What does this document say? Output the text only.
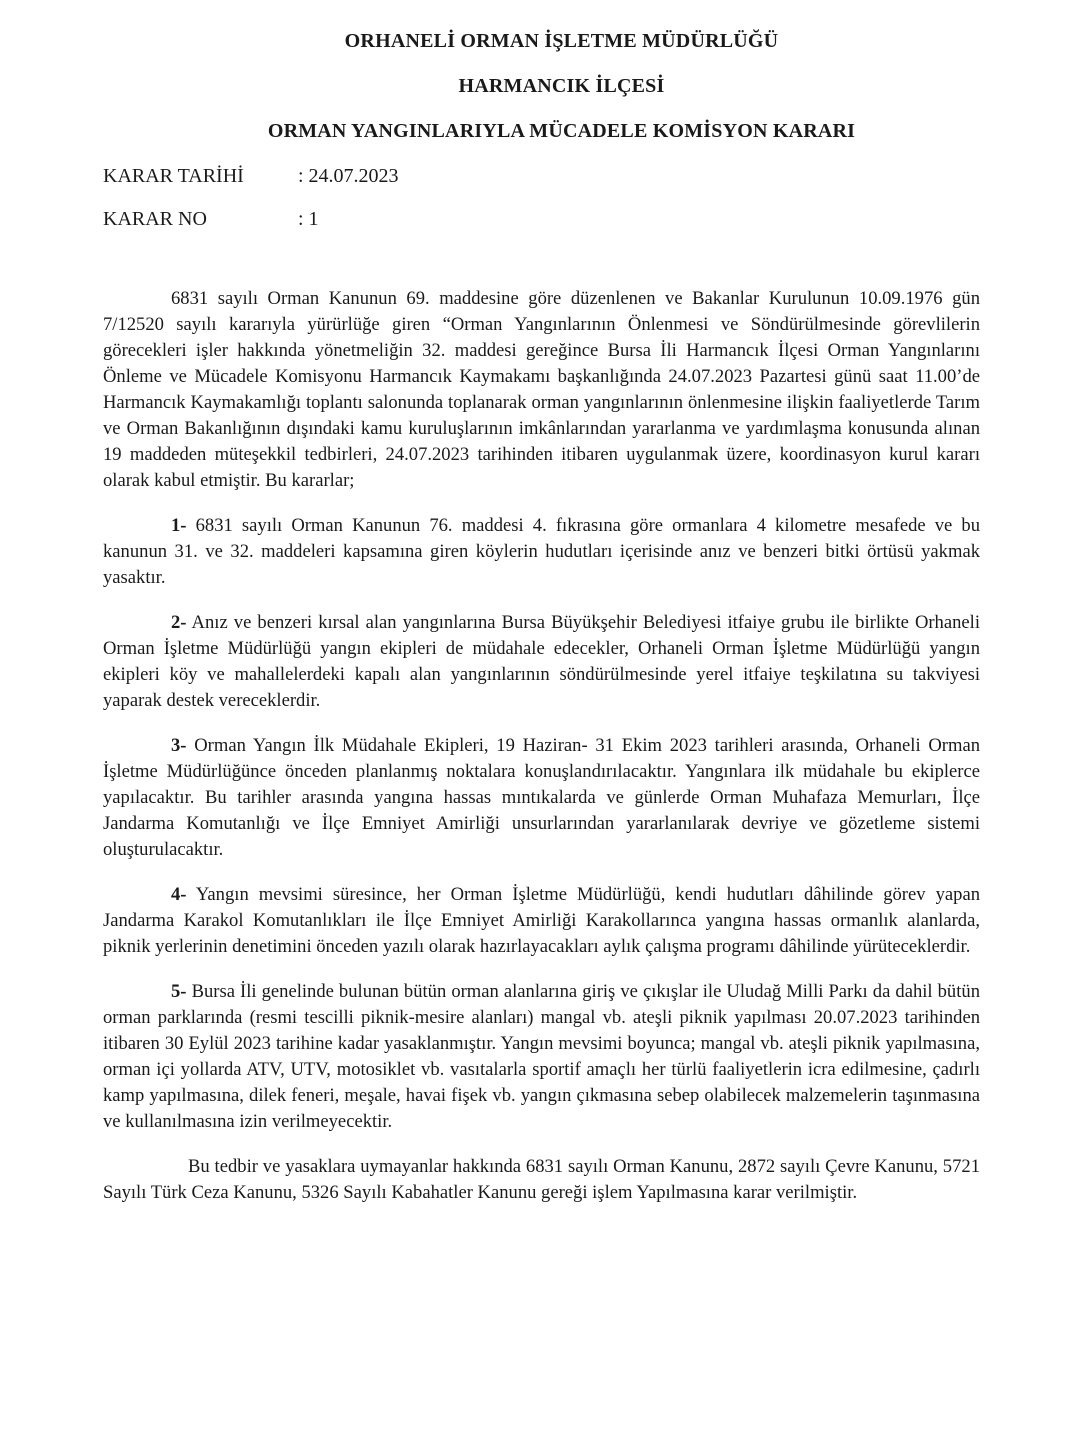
ORHANELİ ORMAN İŞLETME MÜDÜRLÜĞÜ

HARMANCIK İLÇESİ

ORMAN YANGINLARIYLA MÜCADELE KOMİSYON KARARI

KARAR TARİHİ	: 24.07.2023
KARAR NO	: 1

6831 sayılı Orman Kanunun 69. maddesine göre düzenlenen ve Bakanlar Kurulunun 10.09.1976 gün 7/12520 sayılı kararıyla yürürlüğe giren “Orman Yangınlarının Önlenmesi ve Söndürülmesinde görevlilerin görecekleri işler hakkında yönetmeliğin 32. maddesi gereğince Bursa İli Harmancık İlçesi Orman Yangınlarını Önleme ve Mücadele Komisyonu Harmancık Kaymakamı başkanlığında 24.07.2023 Pazartesi günü saat 11.00’de Harmancık Kaymakamlığı toplantı salonunda toplanarak orman yangınlarının önlenmesine ilişkin faaliyetlerde Tarım ve Orman Bakanlığının dışındaki kamu kuruluşlarının imkânlarından yararlanma ve yardımlaşma konusunda alınan 19 maddeden müteşekkil tedbirleri, 24.07.2023 tarihinden itibaren uygulanmak üzere, koordinasyon kurul kararı olarak kabul etmiştir. Bu kararlar;

1- 6831 sayılı Orman Kanunun 76. maddesi 4. fıkrasına göre ormanlara 4 kilometre mesafede ve bu kanunun 31. ve 32. maddeleri kapsamına giren köylerin hudutları içerisinde anız ve benzeri bitki örtüsü yakmak yasaktır.

2- Anız ve benzeri kırsal alan yangınlarına Bursa Büyükşehir Belediyesi itfaiye grubu ile birlikte Orhaneli Orman İşletme Müdürlüğü yangın ekipleri de müdahale edecekler, Orhaneli Orman İşletme Müdürlüğü yangın ekipleri köy ve mahallelerdeki kapalı alan yangınlarının söndürülmesinde yerel itfaiye teşkilatına su takviyesi yaparak destek vereceklerdir.

3- Orman Yangın İlk Müdahale Ekipleri, 19 Haziran- 31 Ekim 2023 tarihleri arasında, Orhaneli Orman İşletme Müdürlüğünce önceden planlanmış noktalara konuşlandırılacaktır. Yangınlara ilk müdahale bu ekiplerce yapılacaktır. Bu tarihler arasında yangına hassas mıntıkalarda ve günlerde Orman Muhafaza Memurları, İlçe Jandarma Komutanlığı ve İlçe Emniyet Amirliği unsurlarından yararlanılarak devriye ve gözetleme sistemi oluşturulacaktır.

4- Yangın mevsimi süresince, her Orman İşletme Müdürlüğü, kendi hudutları dâhilinde görev yapan Jandarma Karakol Komutanlıkları ile İlçe Emniyet Amirliği Karakollarınca yangına hassas ormanlık alanlarda, piknik yerlerinin denetimini önceden yazılı olarak hazırlayacakları aylık çalışma programı dâhilinde yürüteceklerdir.

5- Bursa İli genelinde bulunan bütün orman alanlarına giriş ve çıkışlar ile Uludağ Milli Parkı da dahil bütün orman parklarında (resmi tescilli piknik-mesire alanları) mangal vb. ateşli piknik yapılması 20.07.2023 tarihinden itibaren 30 Eylül 2023 tarihine kadar yasaklanmıştır. Yangın mevsimi boyunca; mangal vb. ateşli piknik yapılmasına, orman içi yollarda ATV, UTV, motosiklet vb. vasıtalarla sportif amaçlı her türlü faaliyetlerin icra edilmesine, çadırlı kamp yapılmasına, dilek feneri, meşale, havai fişek vb. yangın çıkmasına sebep olabilecek malzemelerin taşınmasına ve kullanılmasına izin verilmeyecektir.

Bu tedbir ve yasaklara uymayanlar hakkında 6831 sayılı Orman Kanunu, 2872 sayılı Çevre Kanunu, 5721 Sayılı Türk Ceza Kanunu, 5326 Sayılı Kabahatler Kanunu gereği işlem Yapılmasına karar verilmiştir.
